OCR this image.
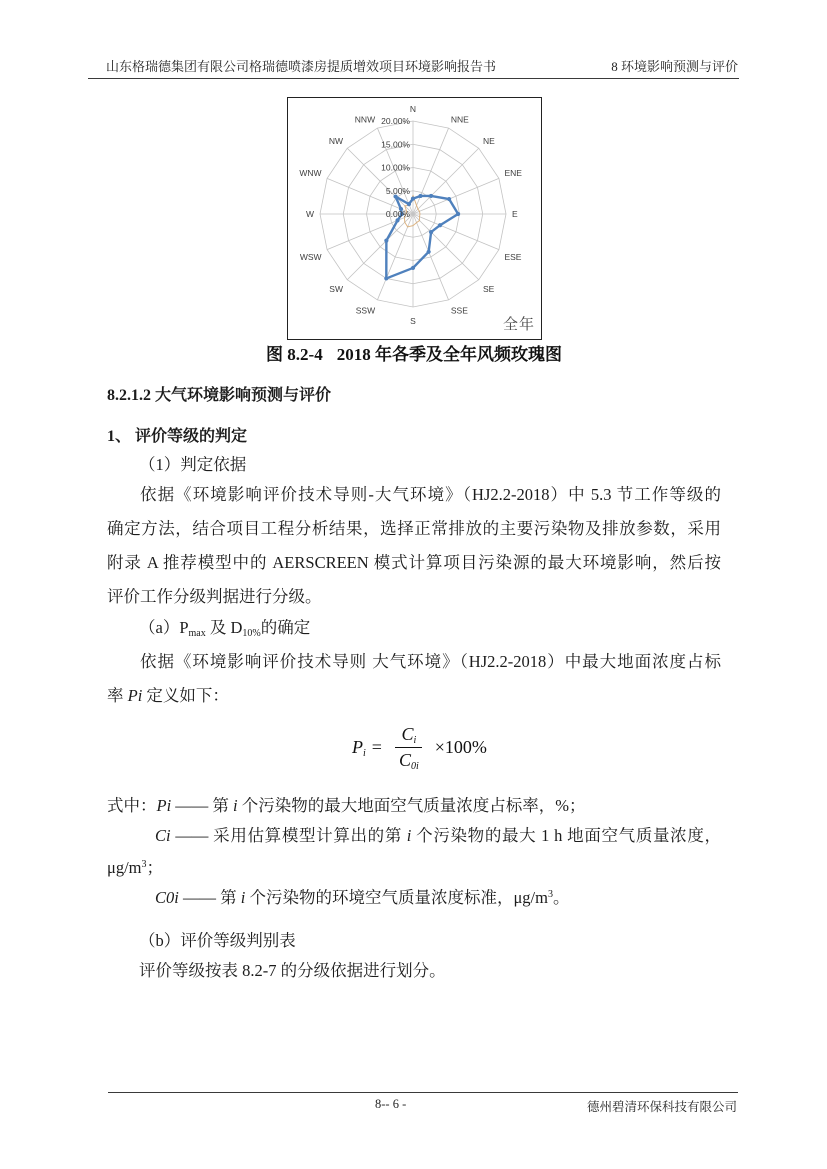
山东格瑞德集团有限公司格瑞德喷漆房提质增效项目环境影响报告书	8 环境影响预测与评价
0.00%
5.00%
10.00%
15.00%
20.00%
N
NNE
NE
ENE
E
ESE
SE
SSE
S
SSW
SW
WSW
W
WNW
NW
NNW
全年
图 8.2-4 2018 年各季及全年风频玫瑰图
8.2.1.2 大气环境影响预测与评价
1、 评价等级的判定
（1）判定依据
依据《环境影响评价技术导则-大气环境》（HJ2.2-2018）中 5.3 节工作等级的
确定方法，结合项目工程分析结果，选择正常排放的主要污染物及排放参数，采用
附录 A 推荐模型中的 AERSCREEN 模式计算项目污染源的最大环境影响，然后按
评价工作分级判据进行分级。
$(a)P_{max}$ 及 $D_{10\%}$的确定
依据《环境影响评价技术导则 大气环境》（HJ2.2-2018）中最大地面浓度占标
率 Pi 定义如下：
$P_i = \frac{C_i}{C_{0i}} \times 100\%$
式中：Pi —— 第 i 个污染物的最大地面空气质量浓度占标率，%；
Ci —— 采用估算模型计算出的第 i 个污染物的最大 1 h 地面空气质量浓度，
$\mu g/m^3$；
C0i —— 第 i 个污染物的环境空气质量浓度标准，$\mu g/m^3$。
（b）评价等级判别表
评价等级按表 8.2-7 的分级依据进行划分。
8-- 6 -	德州碧清环保科技有限公司
